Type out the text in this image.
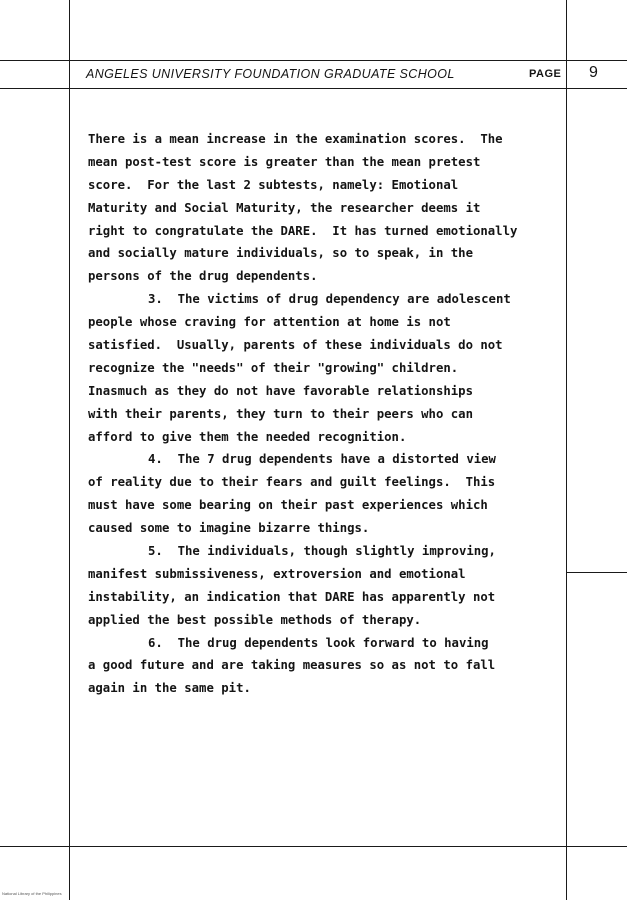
ANGELES UNIVERSITY FOUNDATION GRADUATE SCHOOL	PAGE 9
There is a mean increase in the examination scores.  The
mean post-test score is greater than the mean pretest
score.  For the last 2 subtests, namely: Emotional
Maturity and Social Maturity, the researcher deems it
right to congratulate the DARE.  It has turned emotionally
and socially mature individuals, so to speak, in the
persons of the drug dependents.
3.  The victims of drug dependency are adolescent
people whose craving for attention at home is not
satisfied.  Usually, parents of these individuals do not
recognize the "needs" of their "growing" children.
Inasmuch as they do not have favorable relationships
with their parents, they turn to their peers who can
afford to give them the needed recognition.
4.  The 7 drug dependents have a distorted view
of reality due to their fears and guilt feelings.  This
must have some bearing on their past experiences which
caused some to imagine bizarre things.
5.  The individuals, though slightly improving,
manifest submissiveness, extroversion and emotional
instability, an indication that DARE has apparently not
applied the best possible methods of therapy.
6.  The drug dependents look forward to having
a good future and are taking measures so as not to fall
again in the same pit.
National Library of the Philippines
